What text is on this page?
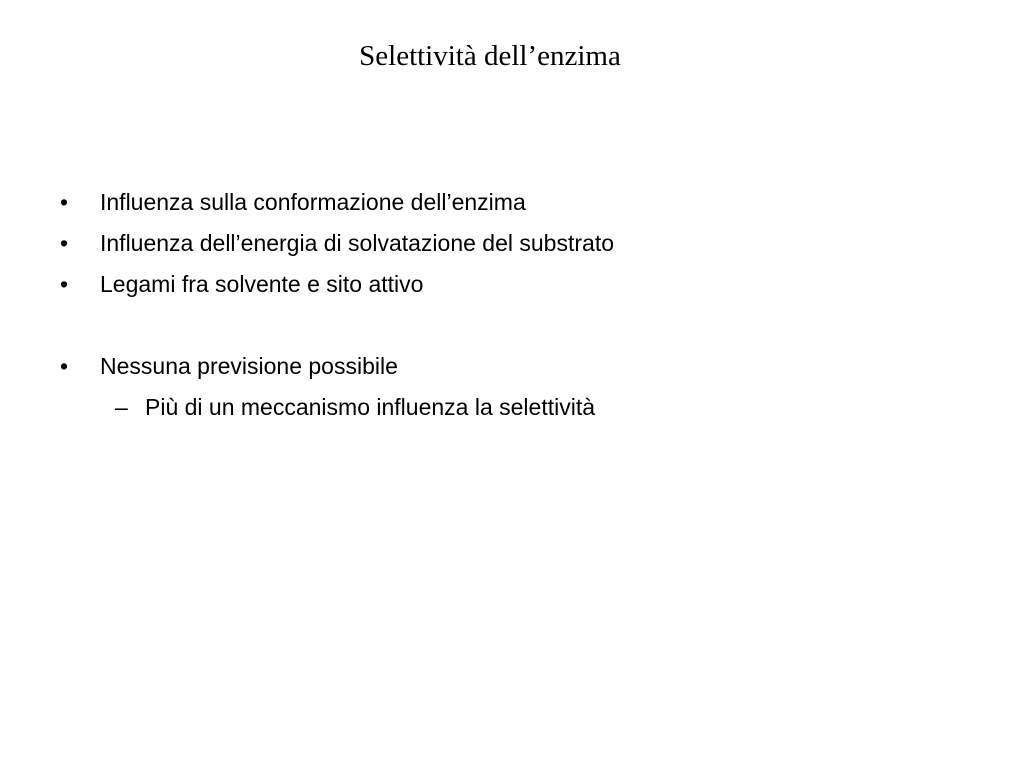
Selettività dell’enzima
• Influenza sulla conformazione dell’enzima
• Influenza dell’energia di solvatazione del substrato
• Legami fra solvente e sito attivo
• Nessuna previsione possibile
– Più di un meccanismo influenza la selettività
